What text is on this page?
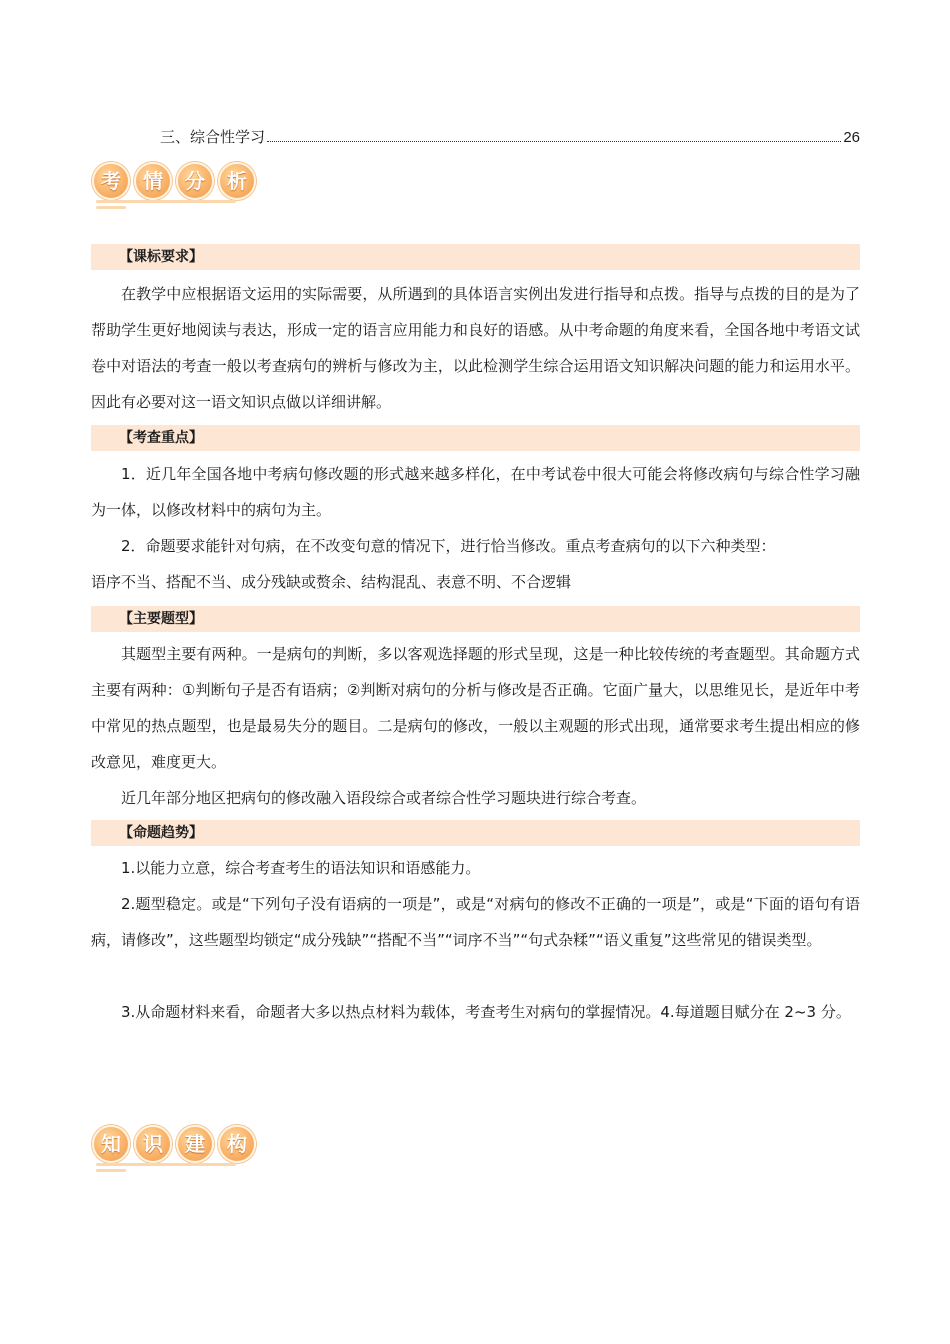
三、综合性学习	26
考	情	分	析
【课标要求】

在教学中应根据语文运用的实际需要，从所遇到的具体语言实例出发进行指导和点拨。指导与点拨的目的是为了帮助学生更好地阅读与表达，形成一定的语言应用能力和良好的语感。从中考命题的角度来看，全国各地中考语文试卷中对语法的考查一般以考查病句的辨析与修改为主，以此检测学生综合运用语文知识解决问题的能力和运用水平。因此有必要对这一语文知识点做以详细讲解。

【考查重点】

1．近几年全国各地中考病句修改题的形式越来越多样化，在中考试卷中很大可能会将修改病句与综合性学习融为一体，以修改材料中的病句为主。

2．命题要求能针对句病，在不改变句意的情况下，进行恰当修改。重点考查病句的以下六种类型：

语序不当、搭配不当、成分残缺或赘余、结构混乱、表意不明、不合逻辑

【主要题型】

其题型主要有两种。一是病句的判断，多以客观选择题的形式呈现，这是一种比较传统的考查题型。其命题方式主要有两种：①判断句子是否有语病；②判断对病句的分析与修改是否正确。它面广量大，以思维见长，是近年中考中常见的热点题型，也是最易失分的题目。二是病句的修改，一般以主观题的形式出现，通常要求考生提出相应的修改意见，难度更大。

近几年部分地区把病句的修改融入语段综合或者综合性学习题块进行综合考查。

【命题趋势】

1.以能力立意，综合考查考生的语法知识和语感能力。

2.题型稳定。或是“下列句子没有语病的一项是”，或是“对病句的修改不正确的一项是”，或是“下面的语句有语病，请修改”，这些题型均锁定“成分残缺”“搭配不当”“词序不当”“句式杂糅”“语义重复”这些常见的错误类型。

3.从命题材料来看，命题者大多以热点材料为载体，考查考生对病句的掌握情况。4.每道题目赋分在 2~3 分。

知	识	建	构
